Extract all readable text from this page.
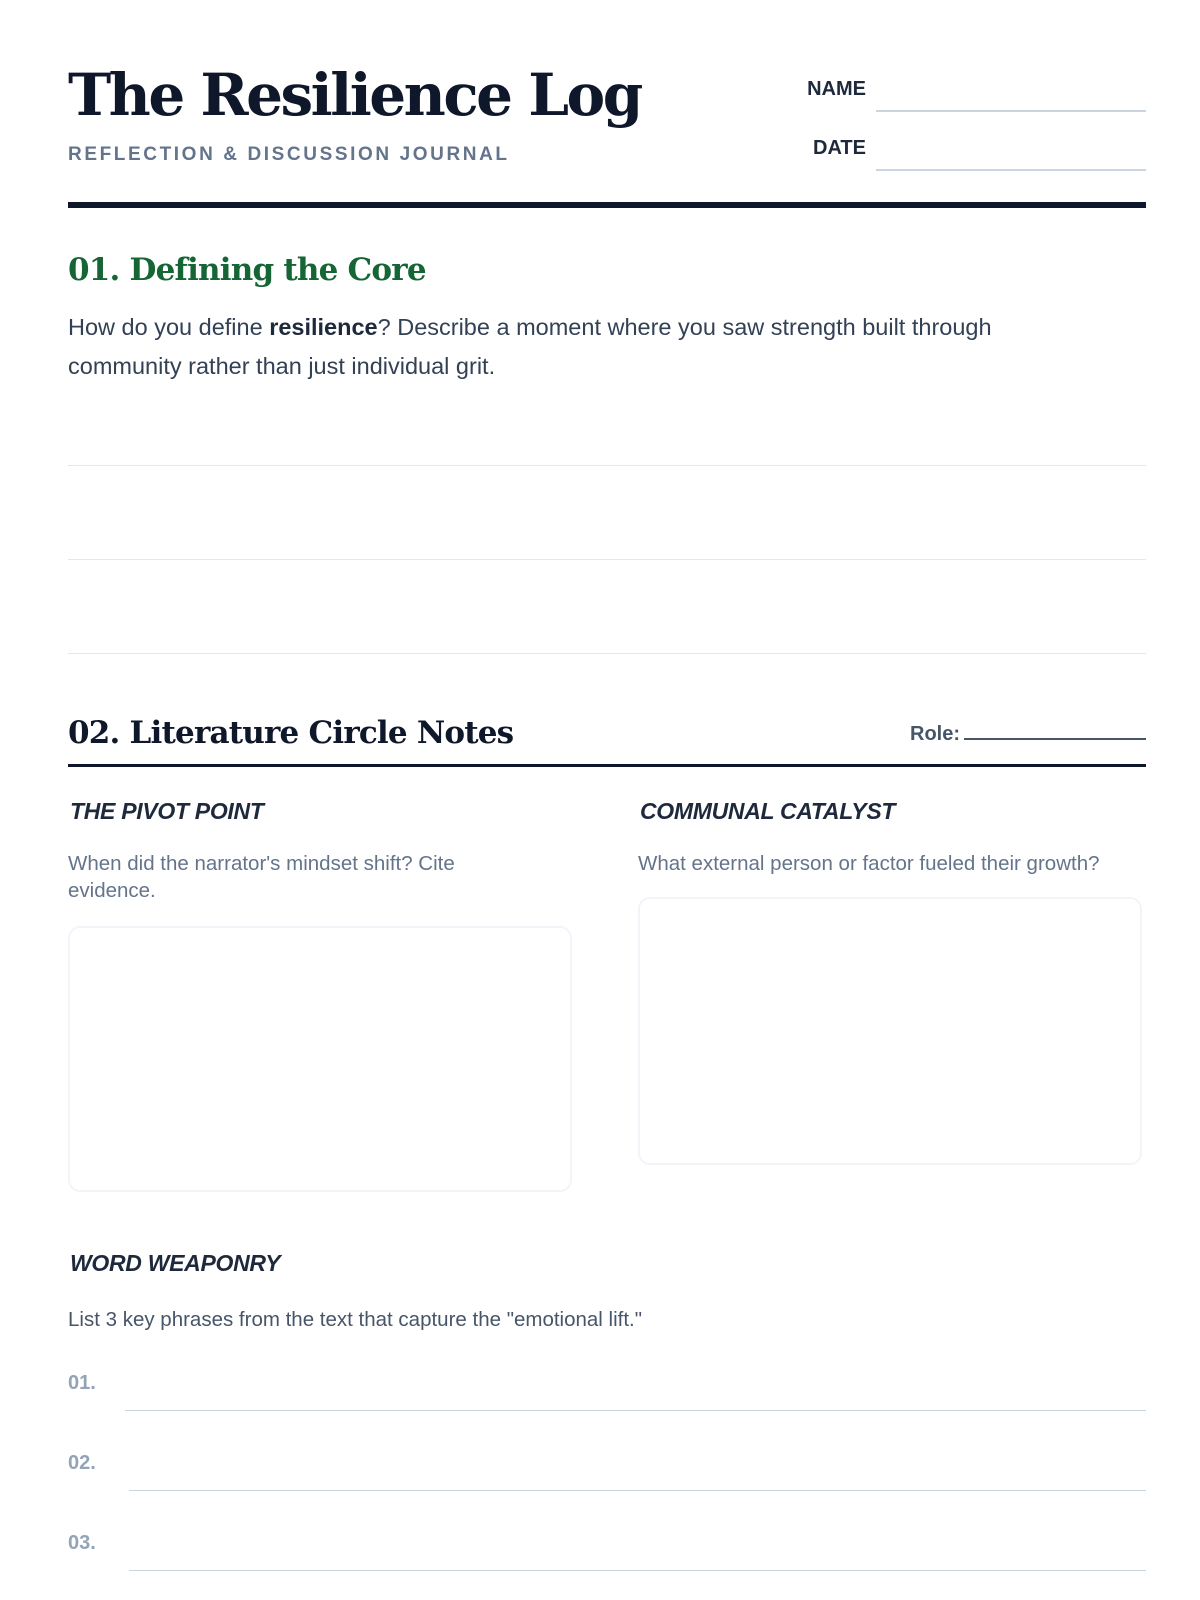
The Resilience Log
REFLECTION & DISCUSSION JOURNAL
NAME
DATE
01. Defining the Core
How do you define resilience? Describe a moment where you saw strength built through community rather than just individual grit.
02. Literature Circle Notes	Role:
THE PIVOT POINT
When did the narrator's mindset shift? Cite evidence.
COMMUNAL CATALYST
What external person or factor fueled their growth?
WORD WEAPONRY
List 3 key phrases from the text that capture the "emotional lift."
01.
02.
03.
